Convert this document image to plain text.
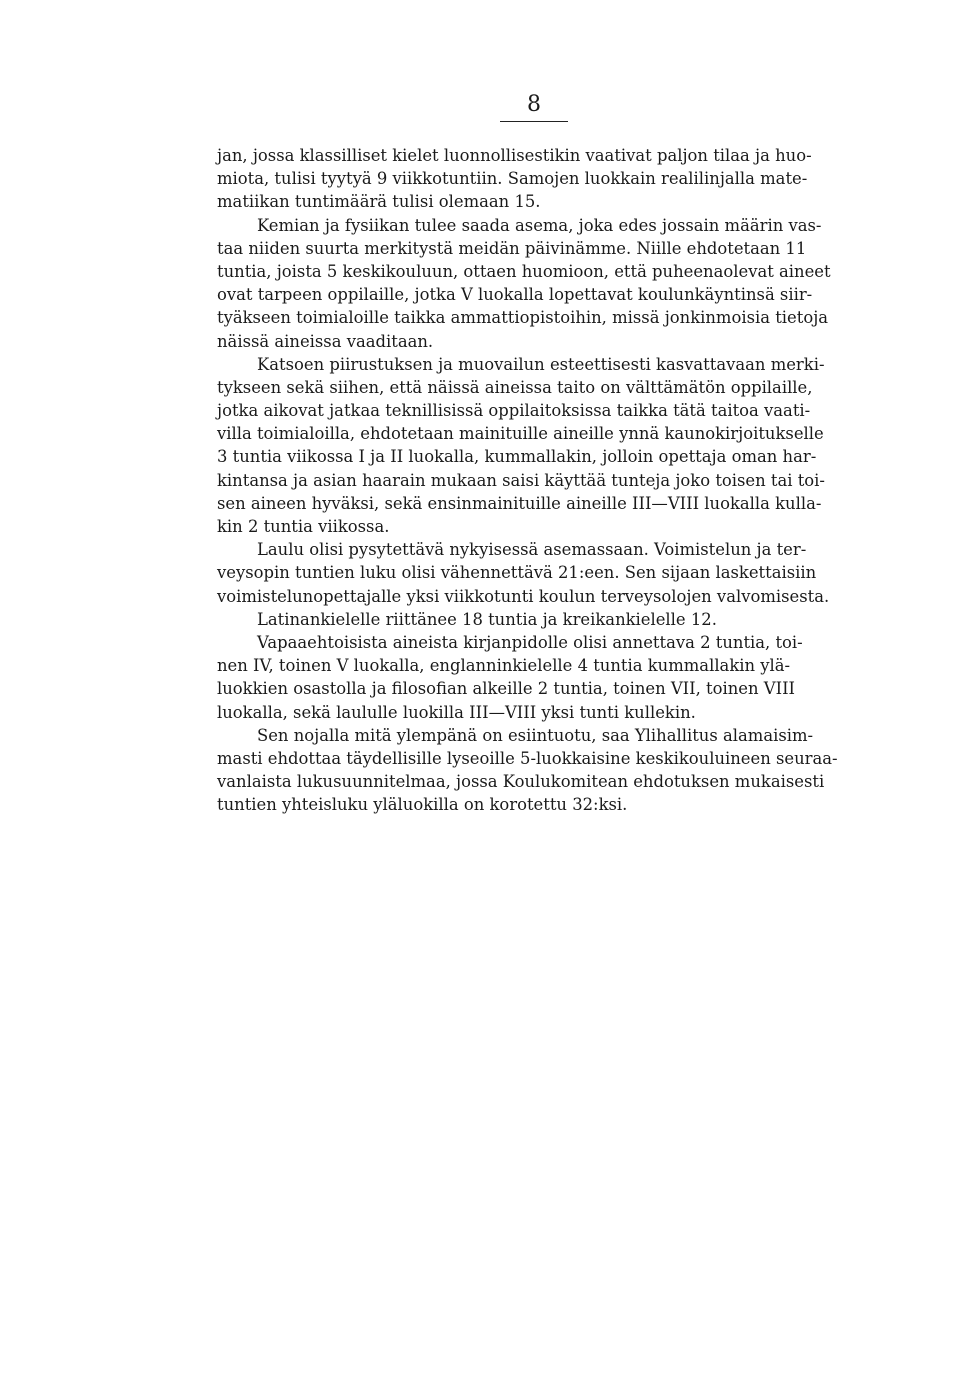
8
jan, jossa klassilliset kielet luonnollisestikin vaativat paljon tilaa ja huo-
miota, tulisi tyytyä 9 viikkotuntiin. Samojen luokkain realilinjalla mate-
matiikan tuntimäärä tulisi olemaan 15.
Kemian ja fysiikan tulee saada asema, joka edes jossain määrin vas-
taa niiden suurta merkitystä meidän päivinämme. Niille ehdotetaan 11
tuntia, joista 5 keskikouluun, ottaen huomioon, että puheenaolevat aineet
ovat tarpeen oppilaille, jotka V luokalla lopettavat koulunkäyntinsä siir-
tyäkseen toimialoille taikka ammattiopistoihin, missä jonkinmoisia tietoja
näissä aineissa vaaditaan.
Katsoen piirustuksen ja muovailun esteettisesti kasvattavaan merki-
tykseen sekä siihen, että näissä aineissa taito on välttämätön oppilaille,
jotka aikovat jatkaa teknillisissä oppilaitoksissa taikka tätä taitoa vaati-
villa toimialoilla, ehdotetaan mainituille aineille ynnä kaunokirjoitukselle
3 tuntia viikossa I ja II luokalla, kummallakin, jolloin opettaja oman har-
kintansa ja asian haarain mukaan saisi käyttää tunteja joko toisen tai toi-
sen aineen hyväksi, sekä ensinmainituille aineille III—VIII luokalla kulla-
kin 2 tuntia viikossa.
Laulu olisi pysytettävä nykyisessä asemassaan. Voimistelun ja ter-
veysopin tuntien luku olisi vähennettävä 21:een. Sen sijaan laskettaisiin
voimistelunopettajalle yksi viikkotunti koulun terveysolojen valvomisesta.
Latinankielelle riittänee 18 tuntia ja kreikankielelle 12.
Vapaaehtoisista aineista kirjanpidolle olisi annettava 2 tuntia, toi-
nen IV, toinen V luokalla, englanninkielelle 4 tuntia kummallakin ylä-
luokkien osastolla ja filosofian alkeille 2 tuntia, toinen VII, toinen VIII
luokalla, sekä laululle luokilla III—VIII yksi tunti kullekin.
Sen nojalla mitä ylempänä on esiintuotu, saa Ylihallitus alamaisim-
masti ehdottaa täydellisille lyseoille 5-luokkaisine keskikouluineen seuraa-
vanlaista lukusuunnitelmaa, jossa Koulukomitean ehdotuksen mukaisesti
tuntien yhteisluku yläluokilla on korotettu 32:ksi.
